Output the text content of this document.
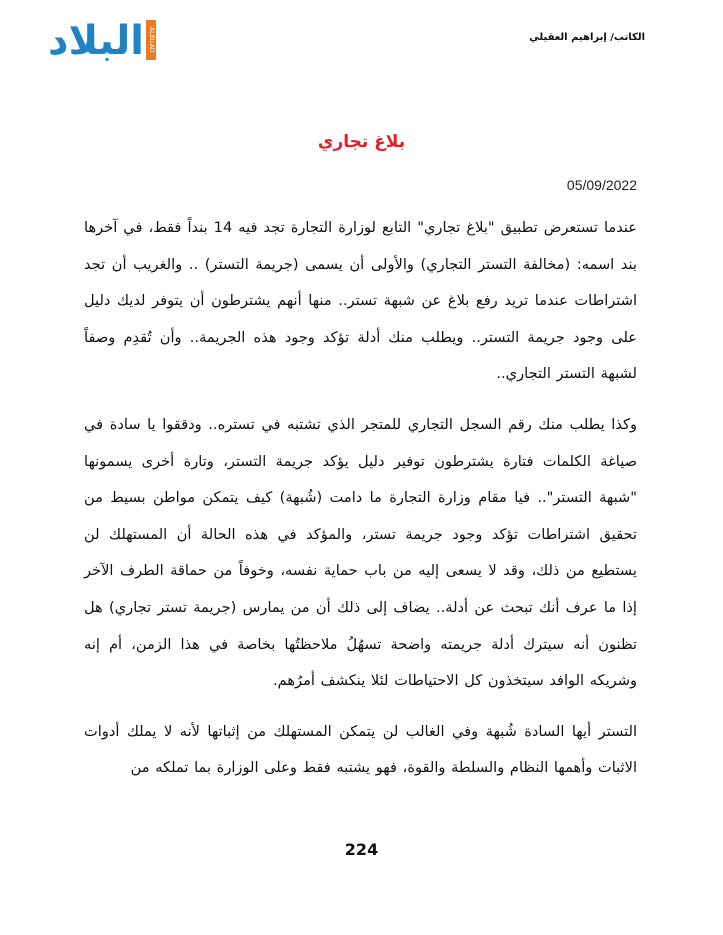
البلاد ALBILAD	الكاتب/ إبراهيم العقيلي
بلاغ تجاري
05/09/2022

عندما تستعرض تطبيق "بلاغ تجاري" التابع لوزارة التجارة تجد فيه 14 بنداً فقط، في آخرها بند اسمه: (مخالفة التستر التجاري) والأولى أن يسمى (جريمة التستر) .. والغريب أن تجد اشتراطات عندما تريد رفع بلاغ عن شبهة تستر.. منها أنهم يشترطون أن يتوفر لديك دليل على وجود جريمة التستر.. ويطلب منك أدلة تؤكد وجود هذه الجريمة.. وأن تُقدِم وصفاً لشبهة التستر التجاري..

وكذا يطلب منك رقم السجل التجاري للمتجر الذي تشتبه في تستره.. ودققوا يا سادة في صياغة الكلمات فتارة يشترطون توفير دليل يؤكد جريمة التستر، وتارة أخرى يسمونها "شبهة التستر".. فيا مقام وزارة التجارة ما دامت (شُبهة) كيف يتمكن مواطن بسيط من تحقيق اشتراطات تؤكد وجود جريمة تستر، والمؤكد في هذه الحالة أن المستهلك لن يستطيع من ذلك، وقد لا يسعى إليه من باب حماية نفسه، وخوفاً من حماقة الطرف الآخر إذا ما عرف أنك تبحث عن أدلة.. يضاف إلى ذلك أن من يمارس (جريمة تستر تجاري) هل تظنون أنه سيترك أدلة جريمته واضحة تسهُلُ ملاحظتُها بخاصة في هذا الزمن، أم إنه وشريكه الوافد سيتخذون كل الاحتياطات لئلا ينكشف أمرُهم.

التستر أيها السادة شُبهة وفي الغالب لن يتمكن المستهلك من إثباتها لأنه لا يملك أدوات الاثبات وأهمها النظام والسلطة والقوة، فهو يشتبه فقط وعلى الوزارة بما تملكه من

224
